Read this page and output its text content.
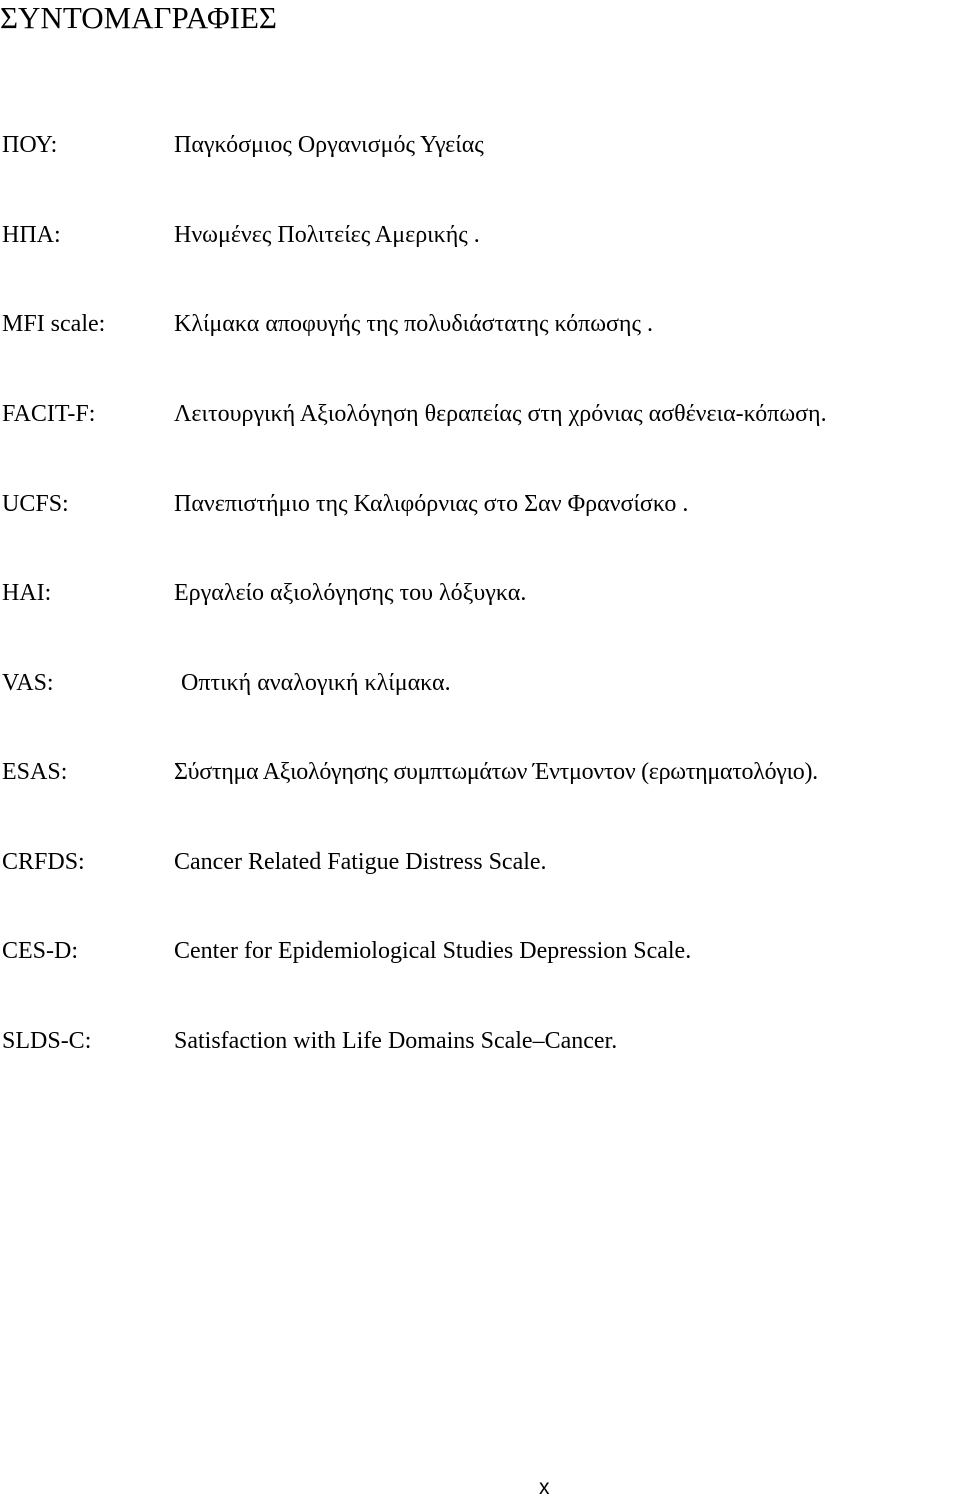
ΣΥΝΤΟΜΑΓΡΑΦΙΕΣ
ΠΟΥ:	Παγκόσμιος Οργανισμός Υγείας
ΗΠΑ:	Ηνωμένες Πολιτείες Αμερικής .
MFI scale:	Κλίμακα αποφυγής της πολυδιάστατης κόπωσης .
FACIT-F:	Λειτουργική Αξιολόγηση θεραπείας στη χρόνιας ασθένεια-κόπωση.
UCFS:	Πανεπιστήμιο της Καλιφόρνιας στο Σαν Φρανσίσκο .
HAI:	Εργαλείο αξιολόγησης του λόξυγκα.
VAS:	Οπτική αναλογική κλίμακα.
ESAS:	Σύστημα Αξιολόγησης συμπτωμάτων Έντμοντον (ερωτηματολόγιο).
CRFDS:	Cancer Related Fatigue Distress Scale.
CES-D:	Center for Epidemiological Studies Depression Scale.
SLDS-C:	Satisfaction with Life Domains Scale–Cancer.
x
